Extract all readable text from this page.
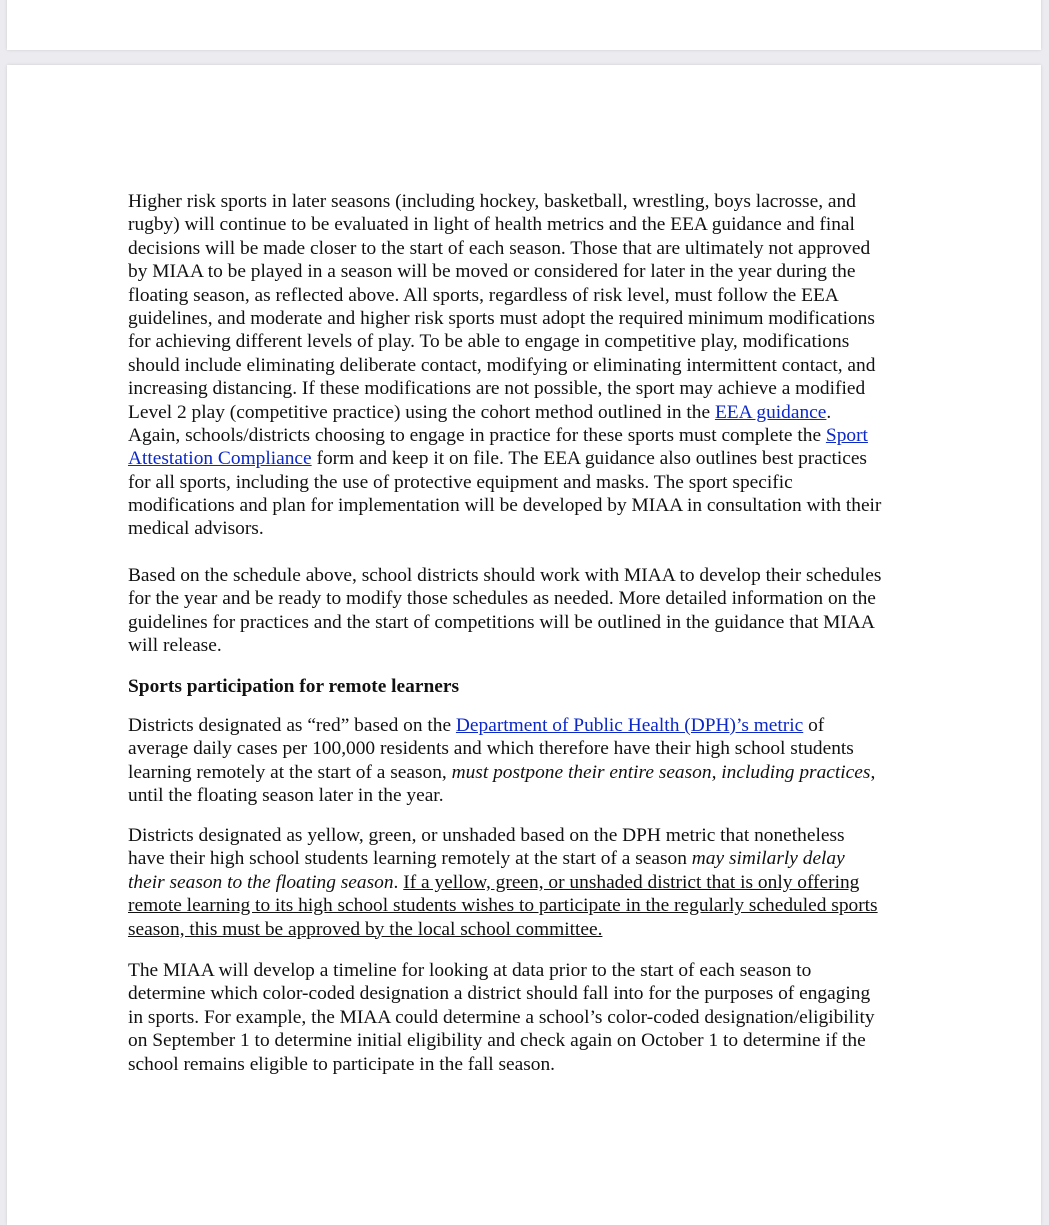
Higher risk sports in later seasons (including hockey, basketball, wrestling, boys lacrosse, and
rugby) will continue to be evaluated in light of health metrics and the EEA guidance and final
decisions will be made closer to the start of each season. Those that are ultimately not approved
by MIAA to be played in a season will be moved or considered for later in the year during the
floating season, as reflected above. All sports, regardless of risk level, must follow the EEA
guidelines, and moderate and higher risk sports must adopt the required minimum modifications
for achieving different levels of play. To be able to engage in competitive play, modifications
should include eliminating deliberate contact, modifying or eliminating intermittent contact, and
increasing distancing. If these modifications are not possible, the sport may achieve a modified
Level 2 play (competitive practice) using the cohort method outlined in the EEA guidance.
Again, schools/districts choosing to engage in practice for these sports must complete the Sport
Attestation Compliance form and keep it on file. The EEA guidance also outlines best practices
for all sports, including the use of protective equipment and masks. The sport specific
modifications and plan for implementation will be developed by MIAA in consultation with their
medical advisors.
Based on the schedule above, school districts should work with MIAA to develop their schedules
for the year and be ready to modify those schedules as needed. More detailed information on the
guidelines for practices and the start of competitions will be outlined in the guidance that MIAA
will release.
Sports participation for remote learners
Districts designated as “red” based on the Department of Public Health (DPH)’s metric of
average daily cases per 100,000 residents and which therefore have their high school students
learning remotely at the start of a season, must postpone their entire season, including practices,
until the floating season later in the year.
Districts designated as yellow, green, or unshaded based on the DPH metric that nonetheless
have their high school students learning remotely at the start of a season may similarly delay
their season to the floating season. If a yellow, green, or unshaded district that is only offering
remote learning to its high school students wishes to participate in the regularly scheduled sports
season, this must be approved by the local school committee.
The MIAA will develop a timeline for looking at data prior to the start of each season to
determine which color-coded designation a district should fall into for the purposes of engaging
in sports. For example, the MIAA could determine a school’s color-coded designation/eligibility
on September 1 to determine initial eligibility and check again on October 1 to determine if the
school remains eligible to participate in the fall season.
